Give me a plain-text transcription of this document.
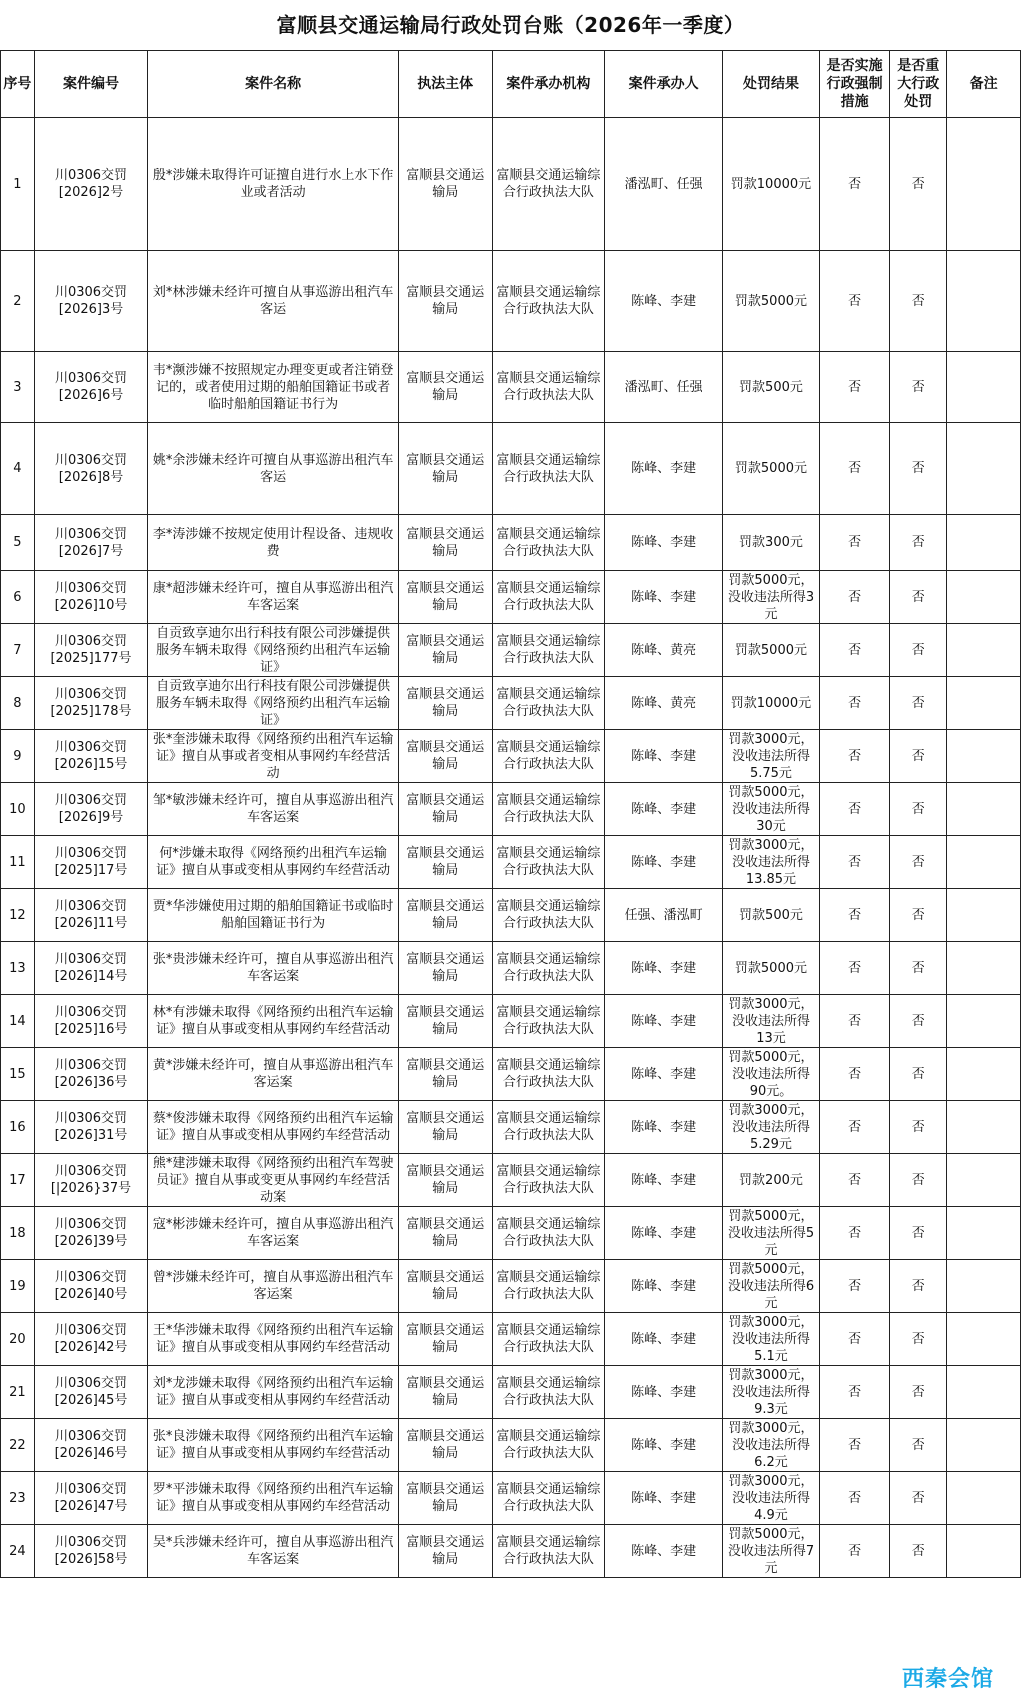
富顺县交通运输局行政处罚台账（2026年一季度）
序号	案件编号	案件名称	执法主体	案件承办机构	案件承办人	处罚结果	是否实施行政强制措施	是否重大行政处罚	备注
1	川0306交罚[2026]2号	殷*涉嫌未取得许可证擅自进行水上水下作业或者活动	富顺县交通运输局	富顺县交通运输综合行政执法大队	潘泓町、任强	罚款10000元	否	否	
2	川0306交罚[2026]3号	刘*林涉嫌未经许可擅自从事巡游出租汽车客运	富顺县交通运输局	富顺县交通运输综合行政执法大队	陈峰、李建	罚款5000元	否	否	
3	川0306交罚[2026]6号	韦*濒涉嫌不按照规定办理变更或者注销登记的，或者使用过期的船舶国籍证书或者临时船舶国籍证书行为	富顺县交通运输局	富顺县交通运输综合行政执法大队	潘泓町、任强	罚款500元	否	否	
4	川0306交罚[2026]8号	姚*余涉嫌未经许可擅自从事巡游出租汽车客运	富顺县交通运输局	富顺县交通运输综合行政执法大队	陈峰、李建	罚款5000元	否	否	
5	川0306交罚[2026]7号	李*涛涉嫌不按规定使用计程设备、违规收费	富顺县交通运输局	富顺县交通运输综合行政执法大队	陈峰、李建	罚款300元	否	否	
6	川0306交罚[2026]10号	康*超涉嫌未经许可，擅自从事巡游出租汽车客运案	富顺县交通运输局	富顺县交通运输综合行政执法大队	陈峰、李建	罚款5000元，没收违法所得3元	否	否	
7	川0306交罚[2025]177号	自贡致享迪尔出行科技有限公司涉嫌提供服务车辆未取得《网络预约出租汽车运输证》	富顺县交通运输局	富顺县交通运输综合行政执法大队	陈峰、黄亮	罚款5000元	否	否	
8	川0306交罚[2025]178号	自贡致享迪尔出行科技有限公司涉嫌提供服务车辆未取得《网络预约出租汽车运输证》	富顺县交通运输局	富顺县交通运输综合行政执法大队	陈峰、黄亮	罚款10000元	否	否	
9	川0306交罚[2026]15号	张*奎涉嫌未取得《网络预约出租汽车运输证》擅自从事或者变相从事网约车经营活动	富顺县交通运输局	富顺县交通运输综合行政执法大队	陈峰、李建	罚款3000元，没收违法所得5.75元	否	否	
10	川0306交罚[2026]9号	邹*敏涉嫌未经许可，擅自从事巡游出租汽车客运案	富顺县交通运输局	富顺县交通运输综合行政执法大队	陈峰、李建	罚款5000元，没收违法所得30元	否	否	
11	川0306交罚[2025]17号	何*涉嫌未取得《网络预约出租汽车运输证》擅自从事或变相从事网约车经营活动	富顺县交通运输局	富顺县交通运输综合行政执法大队	陈峰、李建	罚款3000元，没收违法所得13.85元	否	否	
12	川0306交罚[2026]11号	贾*华涉嫌使用过期的船舶国籍证书或临时船舶国籍证书行为	富顺县交通运输局	富顺县交通运输综合行政执法大队	任强、潘泓町	罚款500元	否	否	
13	川0306交罚[2026]14号	张*贵涉嫌未经许可，擅自从事巡游出租汽车客运案	富顺县交通运输局	富顺县交通运输综合行政执法大队	陈峰、李建	罚款5000元	否	否	
14	川0306交罚[2025]16号	林*有涉嫌未取得《网络预约出租汽车运输证》擅自从事或变相从事网约车经营活动	富顺县交通运输局	富顺县交通运输综合行政执法大队	陈峰、李建	罚款3000元，没收违法所得13元	否	否	
15	川0306交罚[2026]36号	黄*涉嫌未经许可，擅自从事巡游出租汽车客运案	富顺县交通运输局	富顺县交通运输综合行政执法大队	陈峰、李建	罚款5000元，没收违法所得90元。	否	否	
16	川0306交罚[2026]31号	蔡*俊涉嫌未取得《网络预约出租汽车运输证》擅自从事或变相从事网约车经营活动	富顺县交通运输局	富顺县交通运输综合行政执法大队	陈峰、李建	罚款3000元，没收违法所得5.29元	否	否	
17	川0306交罚[|2026}37号	熊*建涉嫌未取得《网络预约出租汽车驾驶员证》擅自从事或变更从事网约车经营活动案	富顺县交通运输局	富顺县交通运输综合行政执法大队	陈峰、李建	罚款200元	否	否	
18	川0306交罚[2026]39号	寇*彬涉嫌未经许可，擅自从事巡游出租汽车客运案	富顺县交通运输局	富顺县交通运输综合行政执法大队	陈峰、李建	罚款5000元，没收违法所得5元	否	否	
19	川0306交罚[2026]40号	曾*涉嫌未经许可，擅自从事巡游出租汽车客运案	富顺县交通运输局	富顺县交通运输综合行政执法大队	陈峰、李建	罚款5000元，没收违法所得6元	否	否	
20	川0306交罚[2026]42号	王*华涉嫌未取得《网络预约出租汽车运输证》擅自从事或变相从事网约车经营活动	富顺县交通运输局	富顺县交通运输综合行政执法大队	陈峰、李建	罚款3000元，没收违法所得5.1元	否	否	
21	川0306交罚[2026]45号	刘*龙涉嫌未取得《网络预约出租汽车运输证》擅自从事或变相从事网约车经营活动	富顺县交通运输局	富顺县交通运输综合行政执法大队	陈峰、李建	罚款3000元，没收违法所得9.3元	否	否	
22	川0306交罚[2026]46号	张*良涉嫌未取得《网络预约出租汽车运输证》擅自从事或变相从事网约车经营活动	富顺县交通运输局	富顺县交通运输综合行政执法大队	陈峰、李建	罚款3000元，没收违法所得6.2元	否	否	
23	川0306交罚[2026]47号	罗*平涉嫌未取得《网络预约出租汽车运输证》擅自从事或变相从事网约车经营活动	富顺县交通运输局	富顺县交通运输综合行政执法大队	陈峰、李建	罚款3000元，没收违法所得4.9元	否	否	
24	川0306交罚[2026]58号	吴*兵涉嫌未经许可，擅自从事巡游出租汽车客运案	富顺县交通运输局	富顺县交通运输综合行政执法大队	陈峰、李建	罚款5000元，没收违法所得7元	否	否	
西秦会馆
